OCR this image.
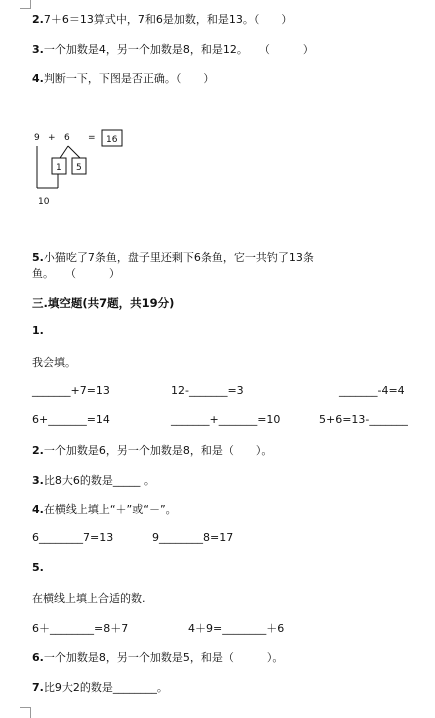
2.7＋6＝13算式中，7和6是加数，和是13。（　　）
3.一个加数是4，另一个加数是8，和是12。　　（　　　）
4.判断一下，下图是否正确。（　　）
9 + 6 = 16
1 5
10
5.小猫吃了7条鱼，盘子里还剩下6条鱼，它一共钓了13条
鱼。　　（　　　）
三.填空题(共7题，共19分)
1.
我会填。
_______+7=13	12-_______=3	_______-4=4
6+_______=14	_______+_______=10	5+6=13-_______
2.一个加数是6，另一个加数是8，和是（　　）。
3.比8大6的数是_____ 。
4.在横线上填上“＋”或“－”。
6________7=13	9________8=17
5.
在横线上填上合适的数.
6＋________=8＋7	4＋9=________＋6
6.一个加数是8，另一个加数是5，和是（　　　）。
7.比9大2的数是________。
